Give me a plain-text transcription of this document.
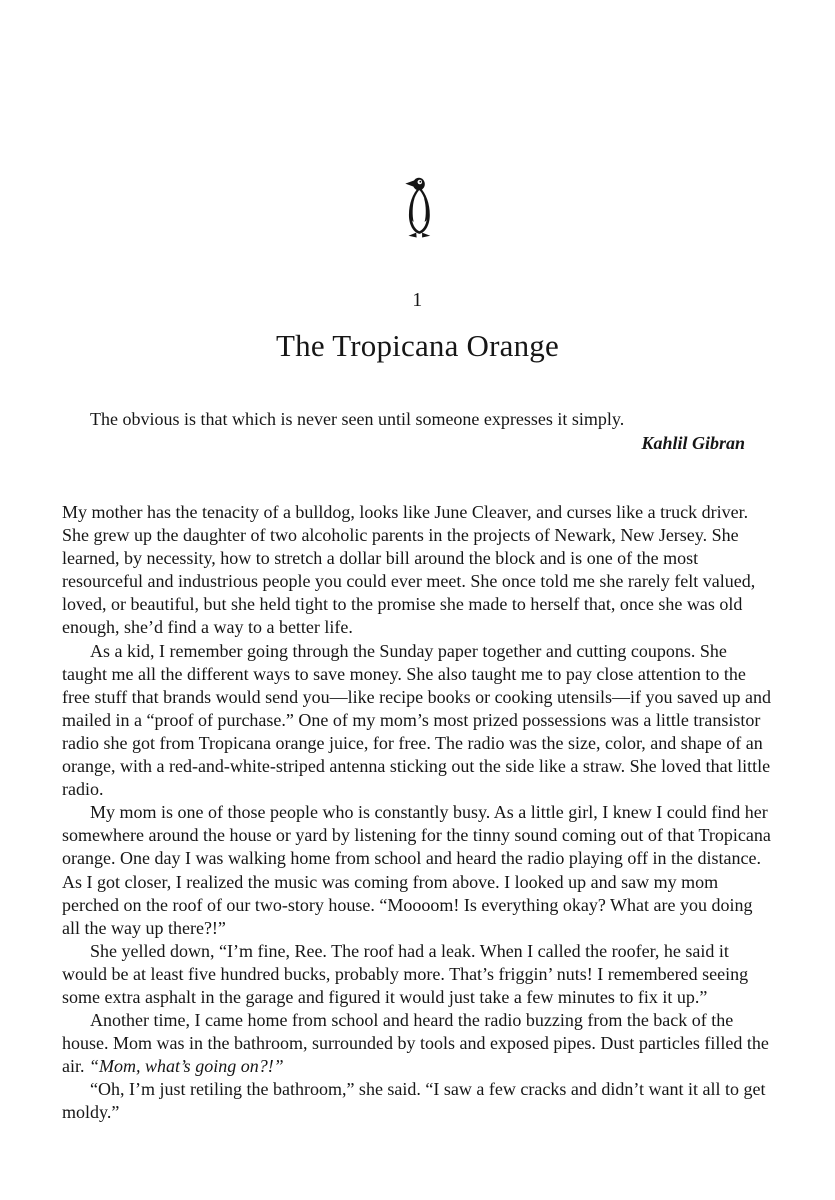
1
The Tropicana Orange

The obvious is that which is never seen until someone expresses it simply.

Kahlil Gibran

My mother has the tenacity of a bulldog, looks like June Cleaver, and curses like a truck driver. She grew up the daughter of two alcoholic parents in the projects of Newark, New Jersey. She learned, by necessity, how to stretch a dollar bill around the block and is one of the most resourceful and industrious people you could ever meet. She once told me she rarely felt valued, loved, or beautiful, but she held tight to the promise she made to herself that, once she was old enough, she’d find a way to a better life.

As a kid, I remember going through the Sunday paper together and cutting coupons. She taught me all the different ways to save money. She also taught me to pay close attention to the free stuff that brands would send you—like recipe books or cooking utensils—if you saved up and mailed in a “proof of purchase.” One of my mom’s most prized possessions was a little transistor radio she got from Tropicana orange juice, for free. The radio was the size, color, and shape of an orange, with a red-and-white-striped antenna sticking out the side like a straw. She loved that little radio.

My mom is one of those people who is constantly busy. As a little girl, I knew I could find her somewhere around the house or yard by listening for the tinny sound coming out of that Tropicana orange. One day I was walking home from school and heard the radio playing off in the distance. As I got closer, I realized the music was coming from above. I looked up and saw my mom perched on the roof of our two-story house. “Moooom! Is everything okay? What are you doing all the way up there?!”

She yelled down, “I’m fine, Ree. The roof had a leak. When I called the roofer, he said it would be at least five hundred bucks, probably more. That’s friggin’ nuts! I remembered seeing some extra asphalt in the garage and figured it would just take a few minutes to fix it up.”

Another time, I came home from school and heard the radio buzzing from the back of the house. Mom was in the bathroom, surrounded by tools and exposed pipes. Dust particles filled the air. “Mom, what’s going on?!”

“Oh, I’m just retiling the bathroom,” she said. “I saw a few cracks and didn’t want it all to get moldy.”
